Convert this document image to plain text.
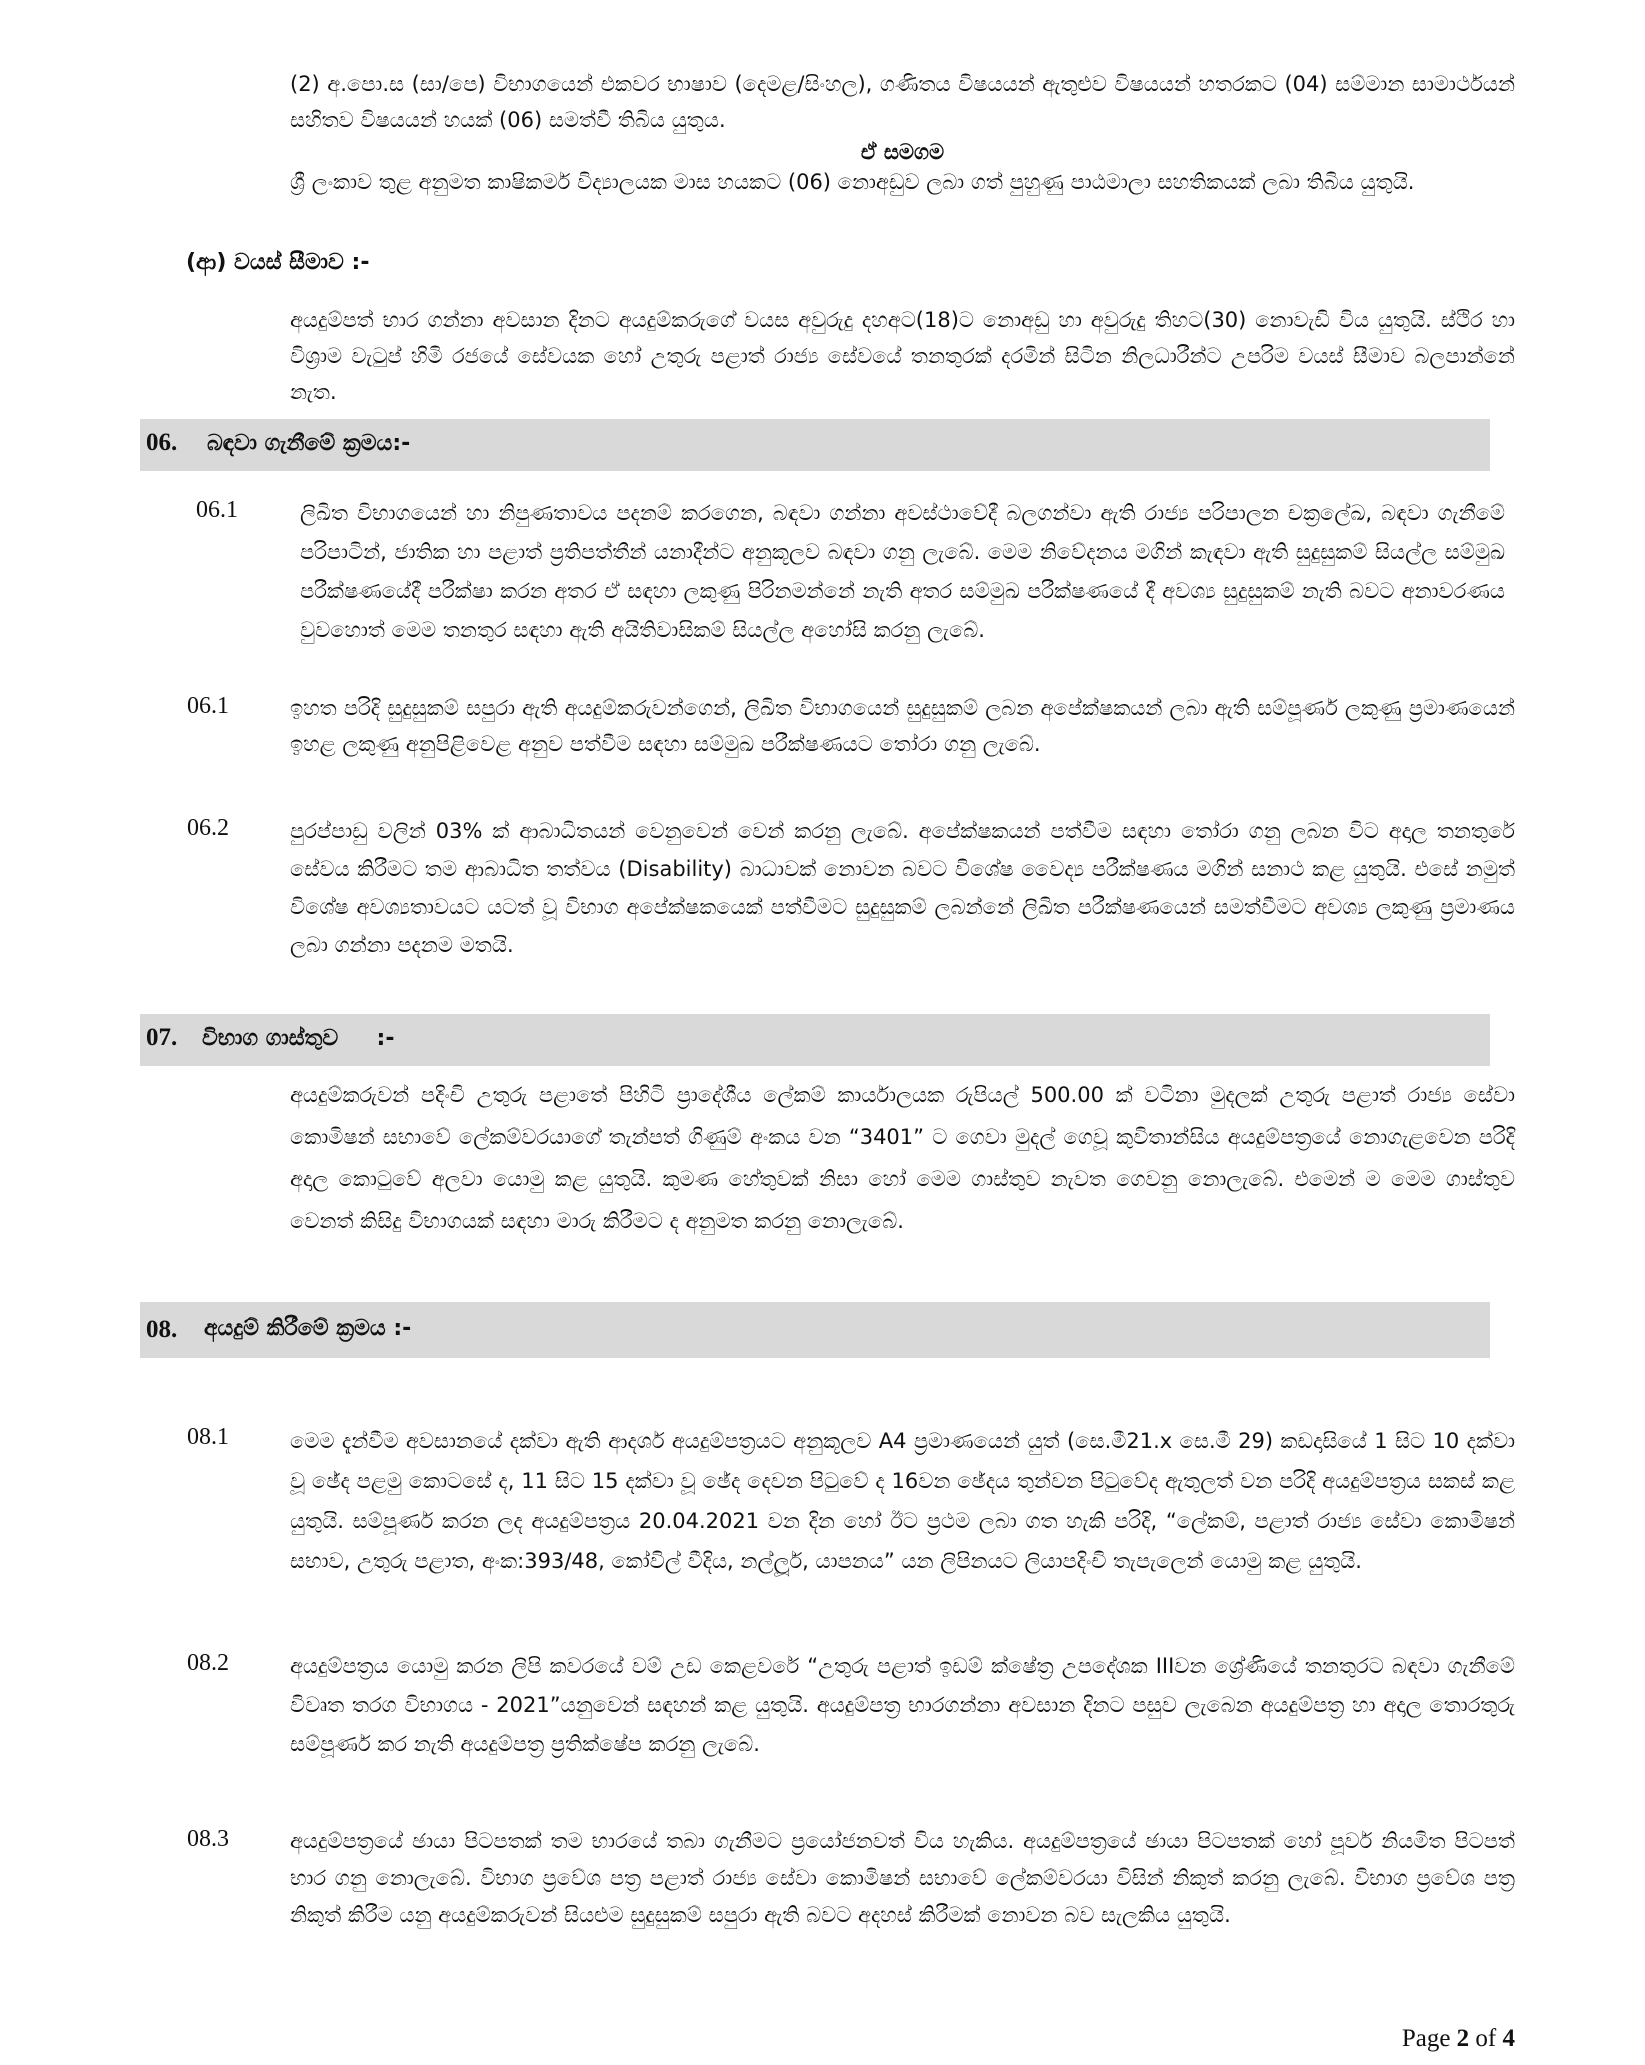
(2) අ.පො.ස (සා/පෙ) විභාගයෙන් එකවර භාෂාව (දෙමළ/සිංහල), ගණිතය විෂයයන් ඇතුළුව විෂයයන් හතරකට (04) සම්මාන සාමාර්ථයන් සහිතව විෂයයන් හයක් (06) සමත්වී තිබිය යුතුය.

ඒ සමගම

ශ්‍රී ලංකාව තුළ අනුමත කාෂිකර්ම විද්‍යාලයක මාස හයකට (06) නොඅඩුව ලබා ගත් පුහුණු පාඨමාලා සහතිකයක් ලබා තිබිය යුතුයි.

(ආ) වයස් සීමාව :-

අයදුම්පත් භාර ගන්නා අවසාන දිනට අයදුම්කරුගේ වයස අවුරුදු දහඅට(18)ට නොඅඩු හා අවුරුදු තිහට(30) නොවැඩි විය යුතුයි. ස්ථිර හා විශ්‍රාම වැටුප් හිමි රජයේ සේවයක හෝ උතුරු පළාත් රාජ්‍ය සේවයේ තනතුරක් දරමින් සිටින නිලධාරීන්ට උපරිම වයස් සීමාව බලපාන්නේ නැත.

06. බඳවා ගැනීමේ ක්‍රමය:-
06.1	ලිඛිත විභාගයෙන් හා නිපුණතාවය පදනම් කරගෙන, බඳවා ගන්නා අවස්ථාවේදී බලගන්වා ඇති රාජ්‍ය පරිපාලන චක්‍රලේඛ, බඳවා ගැනීමේ පරිපාටින්, ජාතික හා පළාත් ප්‍රතිපත්තීන් යනාදීන්ට අනුකූලව බඳවා ගනු ලැබේ. මෙම නිවේදනය මගින් කැඳවා ඇති සුදුසුකම් සියල්ල සම්මුඛ පරීක්ෂණයේදී පරීක්ෂා කරන අතර ඒ සඳහා ලකුණු පිරිනමන්නේ නැති අතර සම්මුඛ පරීක්ෂණයේ දී අවශ්‍ය සුදුසුකම් නැති බවට අනාවරණය වුවහොත් මෙම තනතුර සඳහා ඇති අයිතිවාසිකම් සියල්ල අහෝසි කරනු ලැබේ.

06.1	ඉහත පරිදි සුදුසුකම් සපුරා ඇති අයදුම්කරුවන්ගෙන්, ලිඛිත විභාගයෙන් සුදුසුකම් ලබන අපේක්ෂකයන් ලබා ඇති සම්පූර්ණ ලකුණු ප්‍රමාණයෙන් ඉහළ ලකුණු අනුපිළිවෙළ අනුව පත්වීම සඳහා සම්මුඛ පරීක්ෂණයට තෝරා ගනු ලැබේ.

06.2	පුරප්පාඩු වලින් 03% ක් ආබාධිතයන් වෙනුවෙන් වෙන් කරනු ලැබේ. අපේක්ෂකයන් පත්වීම සඳහා තෝරා ගනු ලබන විට අදාල තනතුරේ සේවය කිරීමට තම ආබාධිත තත්වය (Disability) බාධාවක් නොවන බවට විශේෂ වෛද්‍ය පරීක්ෂණය මගින් සනාථ කළ යුතුයි. එසේ නමුත් විශේෂ අවශ්‍යතාවයට යටත් වූ විභාග අපේක්ෂකයෙක් පත්වීමට සුදුසුකම් ලබන්නේ ලිඛිත පරීක්ෂණයෙන් සමත්වීමට අවශ්‍ය ලකුණු ප්‍රමාණය ලබා ගන්නා පදනම මතයි.

07. විභාග ගාස්තුව     :-

අයදුම්කරුවන් පදිංචි උතුරු පළාතේ පිහිටි ප්‍රාදේශීය ලේකම් කාර්යාලයක රුපියල් 500.00 ක් වටිනා මුදලක් උතුරු පළාත් රාජ්‍ය සේවා කොමිෂන් සභාවේ ලේකම්වරයාගේ තැන්පත් ගිණුම් අංකය වන “3401” ට ගෙවා මුදල් ගෙවූ කුවිතාන්සිය අයදුම්පත්‍රයේ නොගැළවෙන පරිදි අදාල කොටුවේ අලවා යොමු කළ යුතුයි. කුමණ හේතුවක් නිසා හෝ මෙම ගාස්තුව නැවත ගෙවනු නොලැබේ. එමෙන් ම මෙම ගාස්තුව වෙනත් කිසිදු විභාගයක් සඳහා මාරු කිරීමට ද අනුමත කරනු නොලැබේ.

08. අයදුම් කිරීමේ ක්‍රමය :-
08.1	මෙම දැන්වීම අවසානයේ දක්වා ඇති ආදර්ශ අයදුම්පත්‍රයට අනුකූලව A4 ප්‍රමාණයෙන් යුත් (සෙ.මී21.x සෙ.මී 29) කඩදාසියේ 1 සිට 10 දක්වා වූ ඡේද පළමු කොටසේ ද, 11 සිට 15 දක්වා වූ ඡේද දෙවන පිටුවේ ද 16වන ඡේදය තුන්වන පිටුවේද ඇතුලත් වන පරිදි අයදුම්පත්‍රය සකස් කළ යුතුයි. සම්පූර්ණ කරන ලද අයදුම්පත්‍රය 20.04.2021 වන දින හෝ ඊට ප්‍රථම ලබා ගත හැකි පරිදි, “ලේකම්, පළාත් රාජ්‍ය සේවා කොමිෂන් සභාව, උතුරු පළාත, අංක:393/48, කෝවිල් වීදිය, නල්ලූර්, යාපනය” යන ලිපිනයට ලියාපදිංචි තැපැලෙන් යොමු කළ යුතුයි.

08.2	අයදුම්පත්‍රය යොමු කරන ලිපි කවරයේ වම් උඩ කෙළවරේ “උතුරු පළාත් ඉඩම් ක්ෂේත්‍ර උපදේශක IIIවන ශ්‍රේණියේ තනතුරට බඳවා ගැනීමේ විවෘත තරග විභාගය - 2021”යනුවෙන් සඳහන් කළ යුතුයි. අයදුම්පත්‍ර භාරගන්නා අවසාන දිනට පසුව ලැබෙන අයදුම්පත්‍ර හා අදාල තොරතුරු සම්පූර්ණ කර නැති අයදුම්පත්‍ර ප්‍රතික්ෂේප කරනු ලැබේ.

08.3	අයදුම්පත්‍රයේ ඡායා පිටපතක් තම භාරයේ තබා ගැනීමට ප්‍රයෝජනවත් විය හැකිය. අයදුම්පත්‍රයේ ඡායා පිටපතක් හෝ පූර්ව නියමිත පිටපත් භාර ගනු නොලැබේ. විභාග ප්‍රවේශ පත්‍ර පළාත් රාජ්‍ය සේවා කොමිෂන් සභාවේ ලේකම්වරයා විසින් නිකුත් කරනු ලැබේ. විභාග ප්‍රවේශ පත්‍ර නිකුත් කිරීම යනු අයදුම්කරුවන් සියළුම සුදුසුකම් සපුරා ඇති බවට අදහස් කිරීමක් නොවන බව සැලකිය යුතුයි.

Page 2 of 4
